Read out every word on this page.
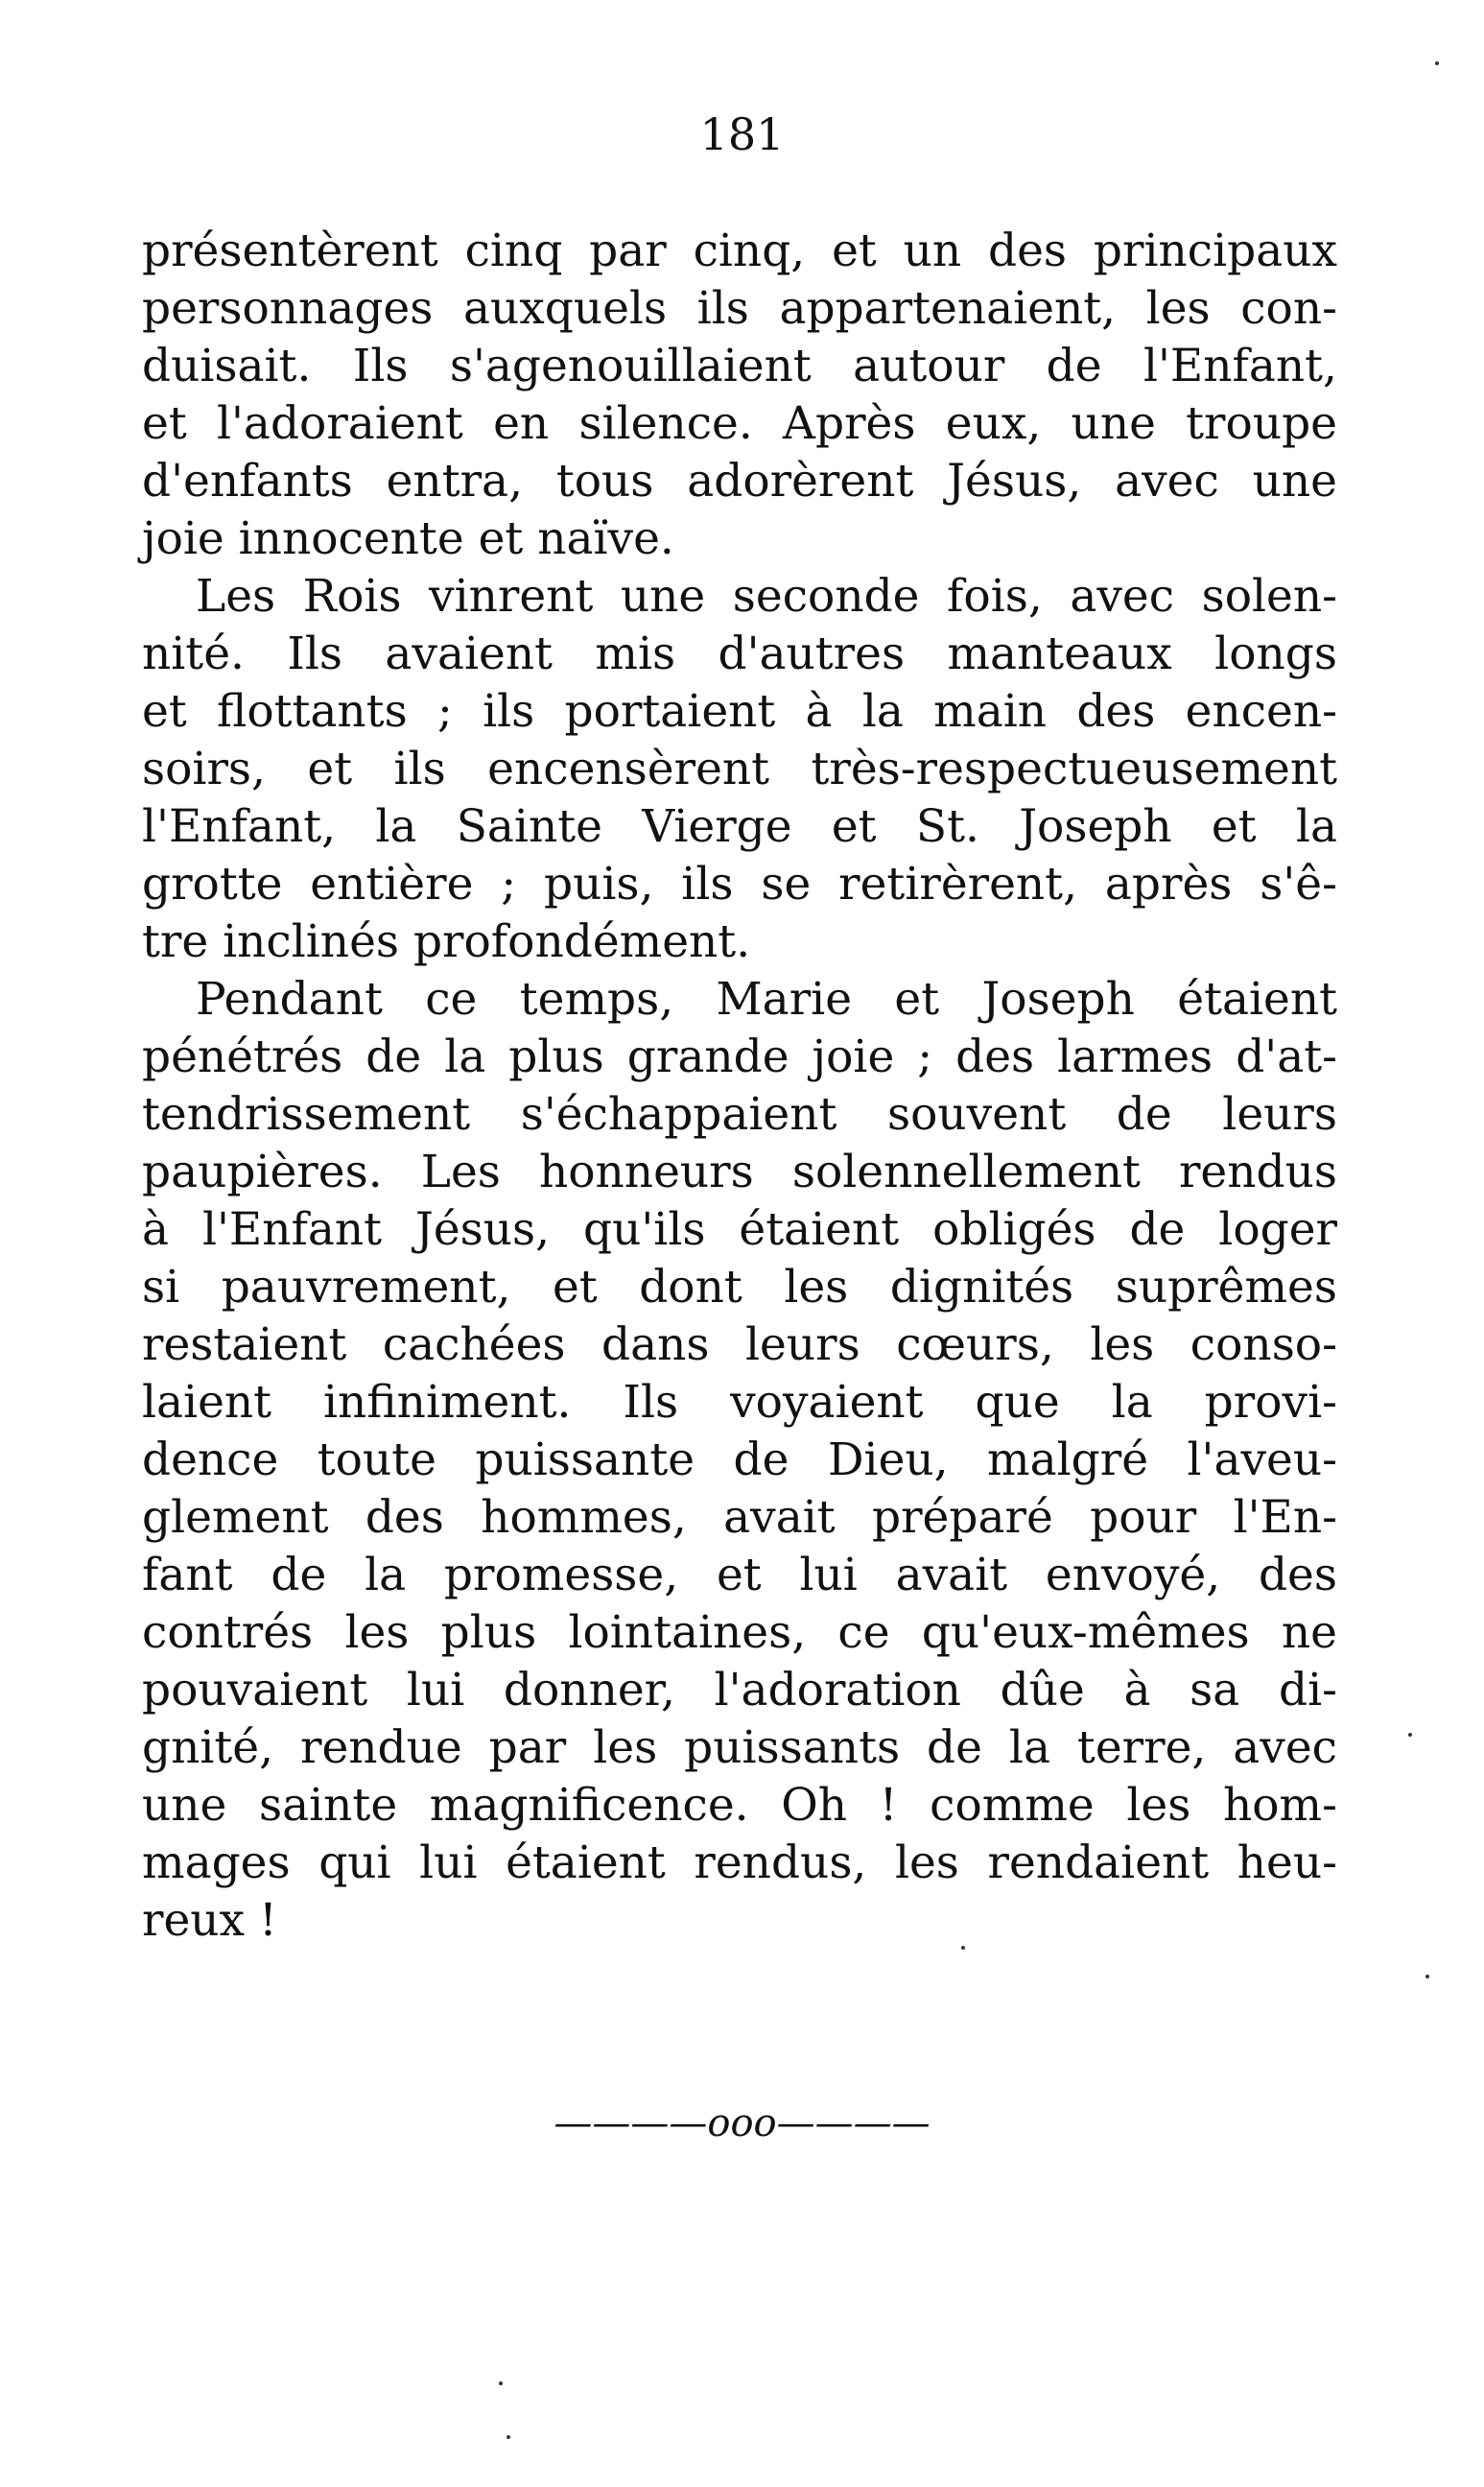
181
présentèrent cinq par cinq, et un des principaux
personnages auxquels ils appartenaient, les con-
duisait. Ils s'agenouillaient autour de l'Enfant,
et l'adoraient en silence. Après eux, une troupe
d'enfants entra, tous adorèrent Jésus, avec une
joie innocente et naïve.
Les Rois vinrent une seconde fois, avec solen-
nité. Ils avaient mis d'autres manteaux longs
et flottants ; ils portaient à la main des encen-
soirs, et ils encensèrent très-respectueusement
l'Enfant, la Sainte Vierge et St. Joseph et la
grotte entière ; puis, ils se retirèrent, après s'ê-
tre inclinés profondément.
Pendant ce temps, Marie et Joseph étaient
pénétrés de la plus grande joie ; des larmes d'at-
tendrissement s'échappaient souvent de leurs
paupières. Les honneurs solennellement rendus
à l'Enfant Jésus, qu'ils étaient obligés de loger
si pauvrement, et dont les dignités suprêmes
restaient cachées dans leurs cœurs, les conso-
laient infiniment. Ils voyaient que la provi-
dence toute puissante de Dieu, malgré l'aveu-
glement des hommes, avait préparé pour l'En-
fant de la promesse, et lui avait envoyé, des
contrés les plus lointaines, ce qu'eux-mêmes ne
pouvaient lui donner, l'adoration dûe à sa di-
gnité, rendue par les puissants de la terre, avec
une sainte magnificence. Oh ! comme les hom-
mages qui lui étaient rendus, les rendaient heu-
reux !
————ooo————
